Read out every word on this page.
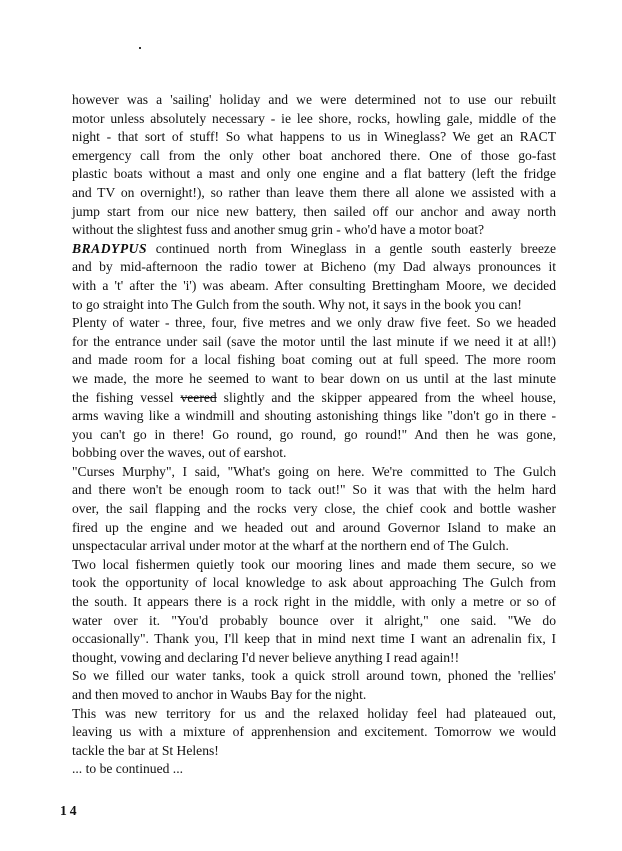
however was a 'sailing' holiday and we were determined not to use our rebuilt

motor unless absolutely necessary - ie lee shore, rocks, howling gale, middle of the

night - that sort of stuff! So what happens to us in Wineglass? We get an RACT

emergency call from the only other boat anchored there. One of those go-fast

plastic boats without a mast and only one engine and a flat battery (left the fridge

and TV on overnight!), so rather than leave them there all alone we assisted with a

jump start from our nice new battery, then sailed off our anchor and away north

without the slightest fuss and another smug grin - who'd have a motor boat?

BRADYPUS continued north from Wineglass in a gentle south easterly breeze

and by mid-afternoon the radio tower at Bicheno (my Dad always pronounces it

with a 't' after the 'i') was abeam. After consulting Brettingham Moore, we decided

to go straight into The Gulch from the south. Why not, it says in the book you can!

Plenty of water - three, four, five metres and we only draw five feet. So we headed

for the entrance under sail (save the motor until the last minute if we need it at all!)

and made room for a local fishing boat coming out at full speed. The more room

we made, the more he seemed to want to bear down on us until at the last minute

the fishing vessel veered slightly and the skipper appeared from the wheel house,

arms waving like a windmill and shouting astonishing things like "don't go in there -

you can't go in there! Go round, go round, go round!" And then he was gone,

bobbing over the waves, out of earshot.

"Curses Murphy", I said, "What's going on here. We're committed to The Gulch

and there won't be enough room to tack out!" So it was that with the helm hard

over, the sail flapping and the rocks very close, the chief cook and bottle washer

fired up the engine and we headed out and around Governor Island to make an

unspectacular arrival under motor at the wharf at the northern end of The Gulch.

Two local fishermen quietly took our mooring lines and made them secure, so we

took the opportunity of local knowledge to ask about approaching The Gulch from

the south. It appears there is a rock right in the middle, with only a metre or so of

water over it. "You'd probably bounce over it alright," one said. "We do

occasionally". Thank you, I'll keep that in mind next time I want an adrenalin fix, I

thought, vowing and declaring I'd never believe anything I read again!!

So we filled our water tanks, took a quick stroll around town, phoned the 'rellies'

and then moved to anchor in Waubs Bay for the night.

This was new territory for us and the relaxed holiday feel had plateaued out,

leaving us with a mixture of apprenhension and excitement. Tomorrow we would

tackle the bar at St Helens!

... to be continued ...

14
